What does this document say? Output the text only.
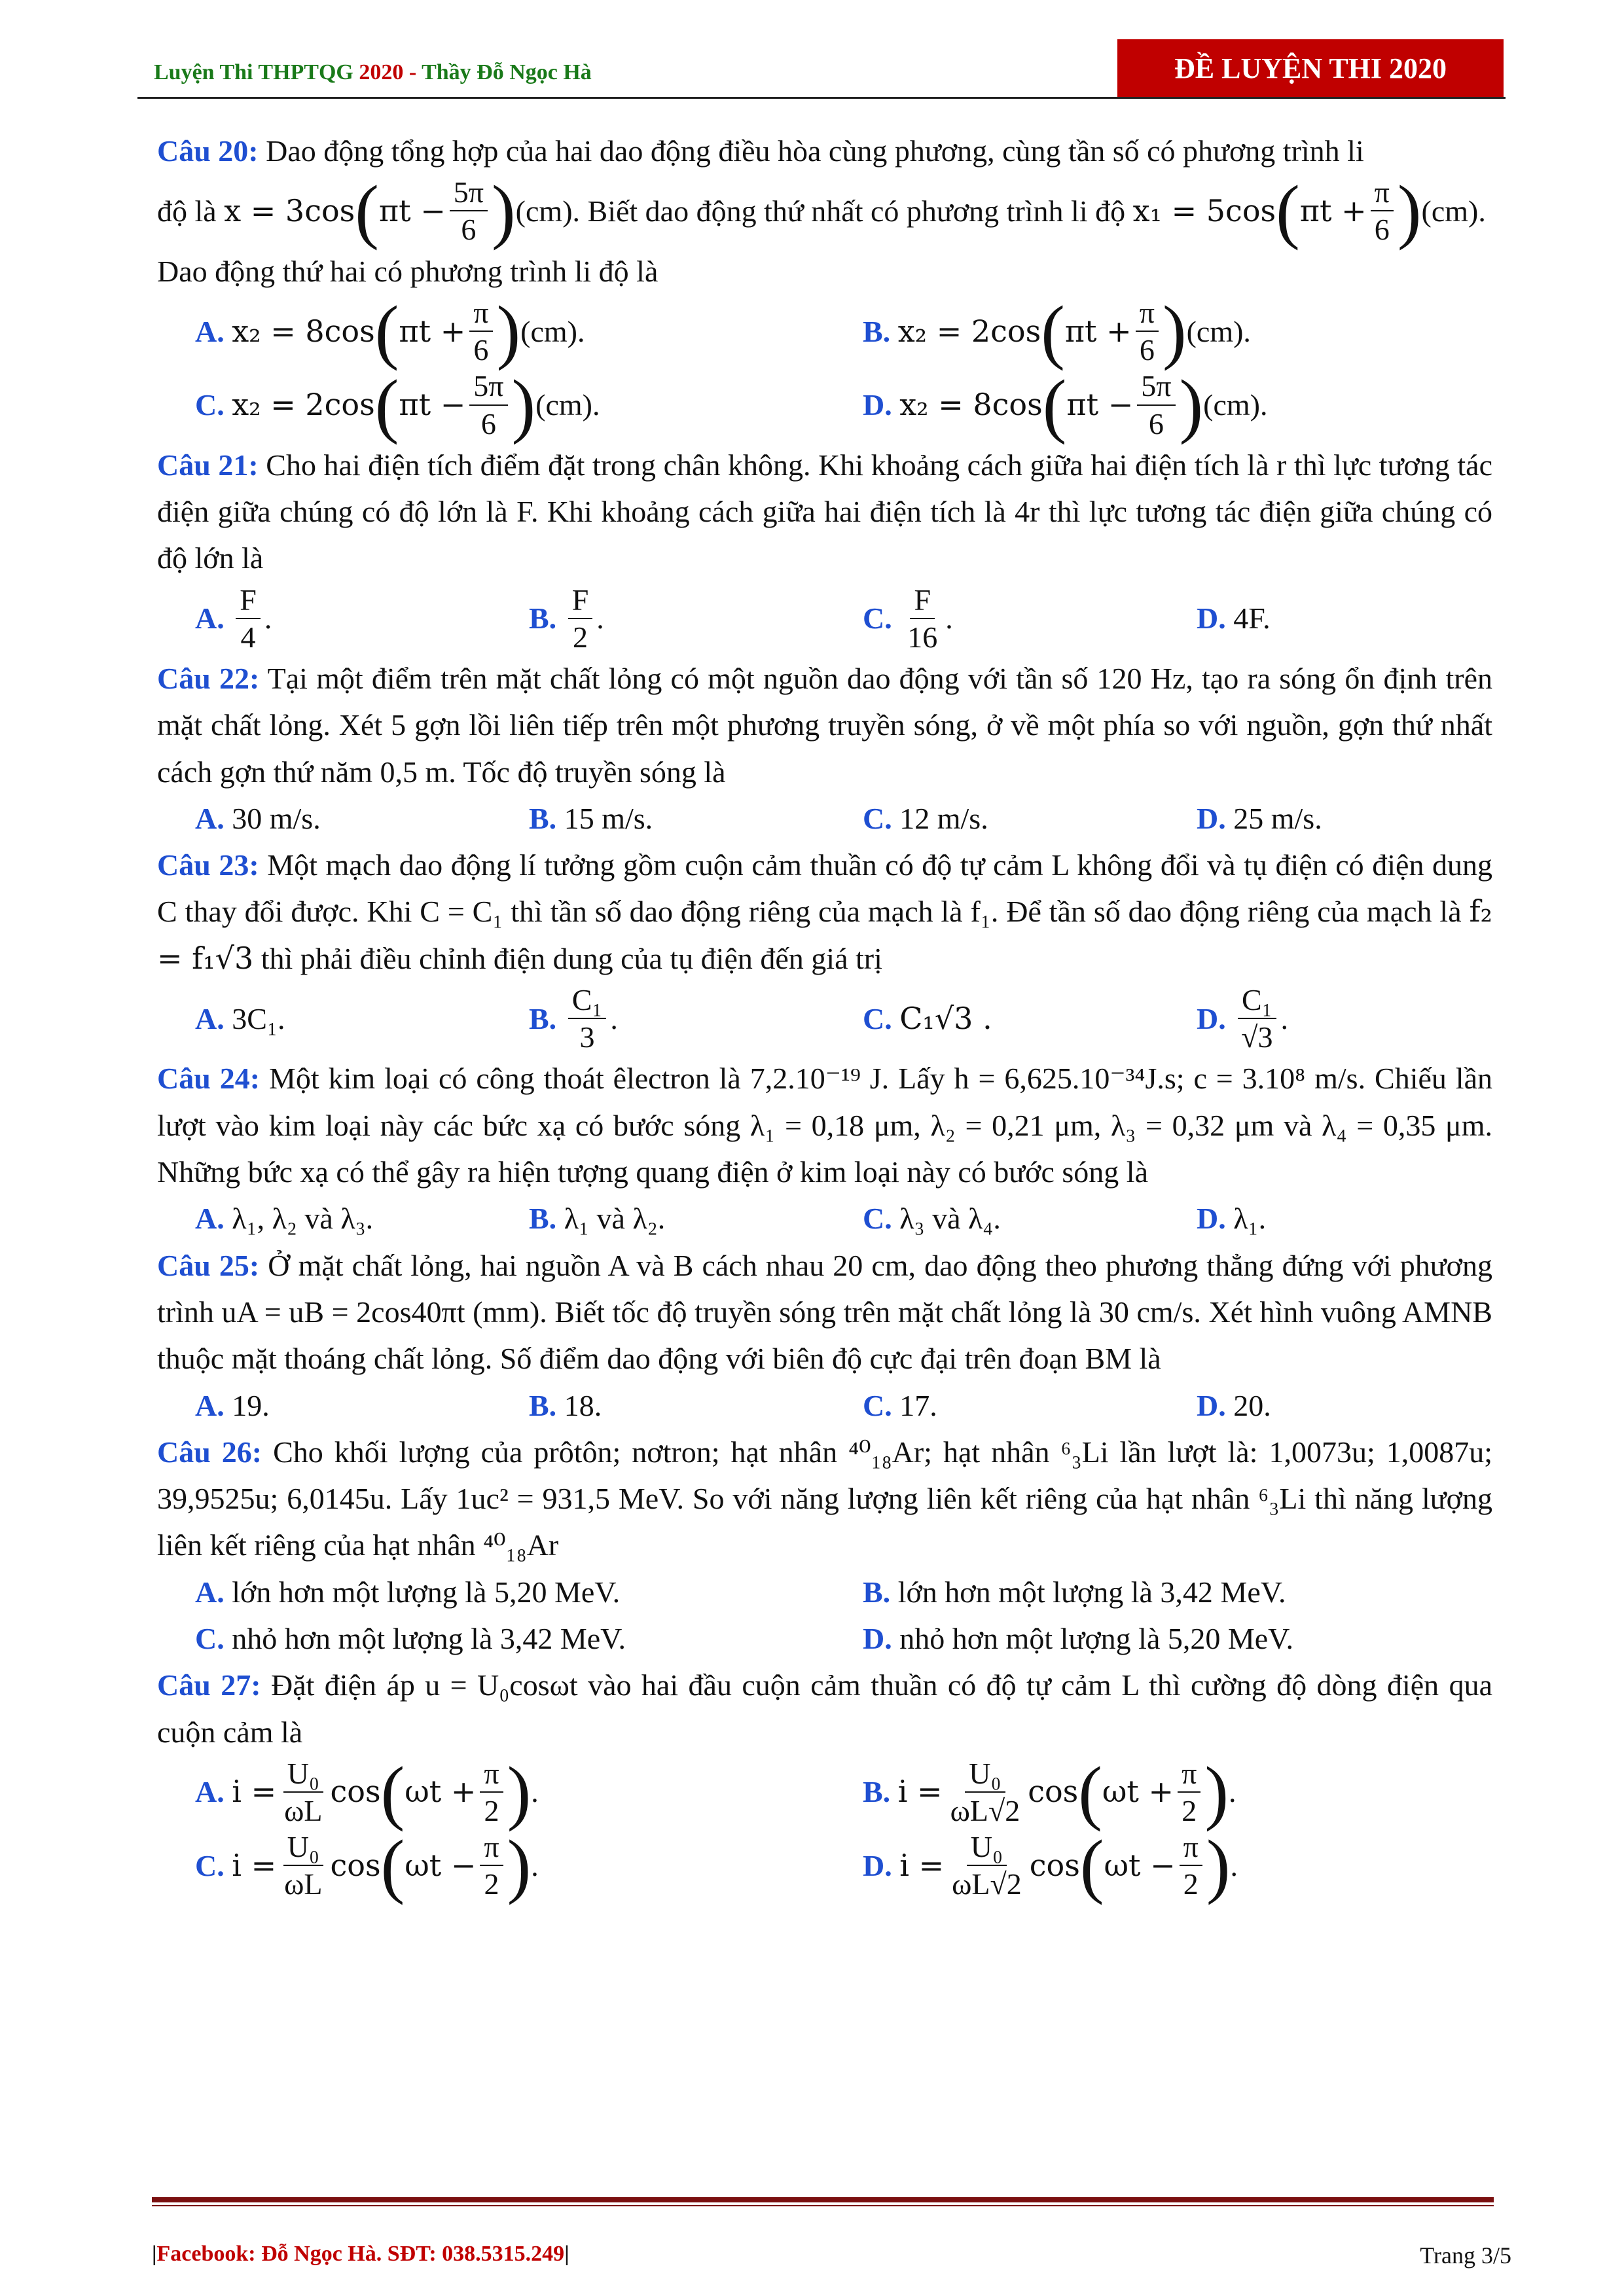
Luyện Thi THPTQG 2020 - Thầy Đỗ Ngọc Hà	ĐỀ LUYỆN THI 2020

Câu 20: Dao động tổng hợp của hai dao động điều hòa cùng phương, cùng tần số có phương trình li

độ là
x = 3cos ( $\pi t - \frac{5\pi}{6}$ ) (cm).
Biết dao động thứ nhất có phương trình li độ
x₁ = 5cos ( $\pi t + \frac{\pi}{6}$ ) (cm).

Dao động thứ hai có phương trình li độ là

A.
x₂ = 8cos ( $\pi t + \frac{\pi}{6}$ ) (cm).	B.
x₂ = 2cos ( $\pi t + \frac{\pi}{6}$ ) (cm).
C.
x₂ = 2cos ( $\pi t - \frac{5\pi}{6}$ ) (cm).	D.
x₂ = 8cos ( $\pi t - \frac{5\pi}{6}$ ) (cm).

Câu 21: Cho hai điện tích điểm đặt trong chân không. Khi khoảng cách giữa hai điện tích là r thì lực tương tác điện giữa chúng có độ lớn là F. Khi khoảng cách giữa hai điện tích là 4r thì lực tương tác điện giữa chúng có độ lớn là

A.
$\frac{F}{4}$ .	B.
$\frac{F}{2}$ .	C.
$\frac{F}{16}$ .	D.
4F.

Câu 22: Tại một điểm trên mặt chất lỏng có một nguồn dao động với tần số 120 Hz, tạo ra sóng ổn định trên mặt chất lỏng. Xét 5 gợn lồi liên tiếp trên một phương truyền sóng, ở về một phía so với nguồn, gợn thứ nhất cách gợn thứ năm 0,5 m. Tốc độ truyền sóng là

A.
30 m/s.	B.
15 m/s.	C.
12 m/s.	D.
25 m/s.

Câu 23: Một mạch dao động lí tưởng gồm cuộn cảm thuần có độ tự cảm L không đổi và tụ điện có điện dung C thay đổi được. Khi C = C₁ thì tần số dao động riêng của mạch là f₁. Để tần số dao động riêng của mạch là f₂ = f₁√3 thì phải điều chỉnh điện dung của tụ điện đến giá trị

A.
3C₁.	B.
$\frac{\text{C₁}}{3}$ .	C.
C₁√3 .	D.
$\frac{\text{C₁}}{√3}$ .

Câu 24: Một kim loại có công thoát êlectron là 7,2.10⁻¹⁹ J. Lấy h = 6,625.10⁻³⁴J.s; c = 3.10⁸ m/s. Chiếu lần lượt vào kim loại này các bức xạ có bước sóng λ₁ = 0,18 μm, λ₂ = 0,21 μm, λ₃ = 0,32 μm và λ₄ = 0,35 μm. Những bức xạ có thể gây ra hiện tượng quang điện ở kim loại này có bước sóng là

A.
λ₁, λ₂ và λ₃.	B.
λ₁ và λ₂.	C.
λ₃ và λ₄.	D.
λ₁.

Câu 25: Ở mặt chất lỏng, hai nguồn A và B cách nhau 20 cm, dao động theo phương thẳng đứng với phương trình uA = uB = 2cos40πt (mm). Biết tốc độ truyền sóng trên mặt chất lỏng là 30 cm/s. Xét hình vuông AMNB thuộc mặt thoáng chất lỏng. Số điểm dao động với biên độ cực đại trên đoạn BM là

A.
19.	B.
18.	C.
17.	D.
20.

Câu 26: Cho khối lượng của prôtôn; nơtron; hạt nhân ⁴⁰₁₈Ar; hạt nhân ⁶₃Li lần lượt là: 1,0073u; 1,0087u; 39,9525u; 6,0145u. Lấy 1uc² = 931,5 MeV. So với năng lượng liên kết riêng của hạt nhân ⁶₃Li thì năng lượng liên kết riêng của hạt nhân ⁴⁰₁₈Ar

A.
lớn hơn một lượng là 5,20 MeV.	B.
lớn hơn một lượng là 3,42 MeV.
C.
nhỏ hơn một lượng là 3,42 MeV.	D.
nhỏ hơn một lượng là 5,20 MeV.

Câu 27: Đặt điện áp u = U₀cosωt vào hai đầu cuộn cảm thuần có độ tự cảm L thì cường độ dòng điện qua cuộn cảm là

A.
$i = \frac{\text{U₀}}{\omega L}$ cos ( $\omega t + \frac{\pi}{2}$ ) .	B.
$i = \frac{\text{U₀}}{\omega L√2}$ cos ( $\omega t + \frac{\pi}{2}$ ) .
C.
$i = \frac{\text{U₀}}{\omega L}$ cos ( $\omega t - \frac{\pi}{2}$ ) .	D.
$i = \frac{\text{U₀}}{\omega L√2}$ cos ( $\omega t - \frac{\pi}{2}$ ) .
|Facebook: Đỗ Ngọc Hà. SĐT: 038.5315.249|	Trang 3/5
